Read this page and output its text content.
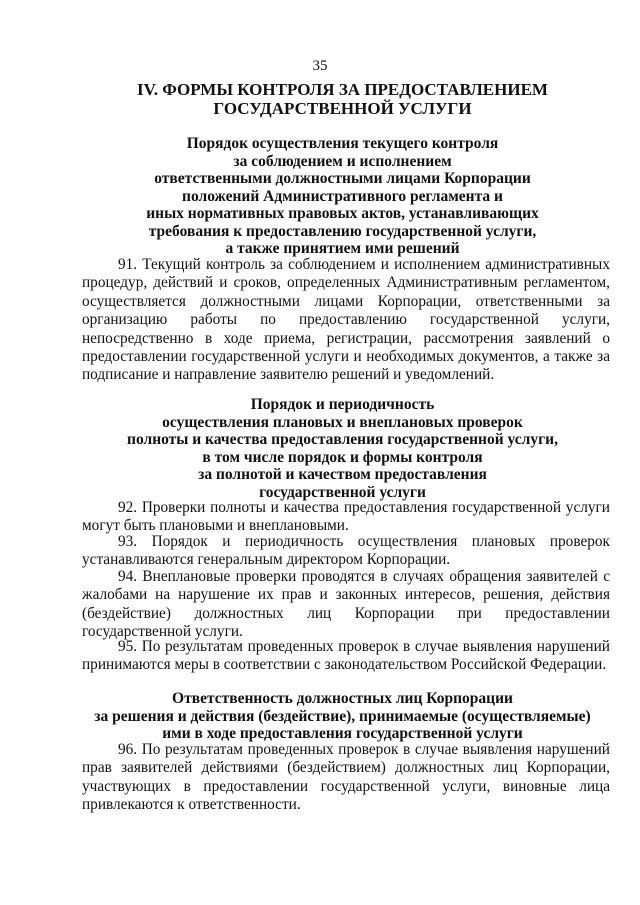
35
IV. ФОРМЫ КОНТРОЛЯ ЗА ПРЕДОСТАВЛЕНИЕМ
ГОСУДАРСТВЕННОЙ УСЛУГИ
Порядок осуществления текущего контроля
за соблюдением и исполнением
ответственными должностными лицами Корпорации
положений Административного регламента и
иных нормативных правовых актов, устанавливающих
требования к предоставлению государственной услуги,
а также принятием ими решений
91. Текущий контроль за соблюдением и исполнением административных процедур, действий и сроков, определенных Административным регламентом, осуществляется должностными лицами Корпорации, ответственными за организацию работы по предоставлению государственной услуги, непосредственно в ходе приема, регистрации, рассмотрения заявлений о предоставлении государственной услуги и необходимых документов, а также за подписание и направление заявителю решений и уведомлений.
Порядок и периодичность
осуществления плановых и внеплановых проверок
полноты и качества предоставления государственной услуги,
в том числе порядок и формы контроля
за полнотой и качеством предоставления
государственной услуги
92. Проверки полноты и качества предоставления государственной услуги могут быть плановыми и внеплановыми.
93. Порядок и периодичность осуществления плановых проверок устанавливаются генеральным директором Корпорации.
94. Внеплановые проверки проводятся в случаях обращения заявителей с жалобами на нарушение их прав и законных интересов, решения, действия (бездействие) должностных лиц Корпорации при предоставлении государственной услуги.
95. По результатам проведенных проверок в случае выявления нарушений принимаются меры в соответствии с законодательством Российской Федерации.
Ответственность должностных лиц Корпорации
за решения и действия (бездействие), принимаемые (осуществляемые)
ими в ходе предоставления государственной услуги
96. По результатам проведенных проверок в случае выявления нарушений прав заявителей действиями (бездействием) должностных лиц Корпорации, участвующих в предоставлении государственной услуги, виновные лица привлекаются к ответственности.
